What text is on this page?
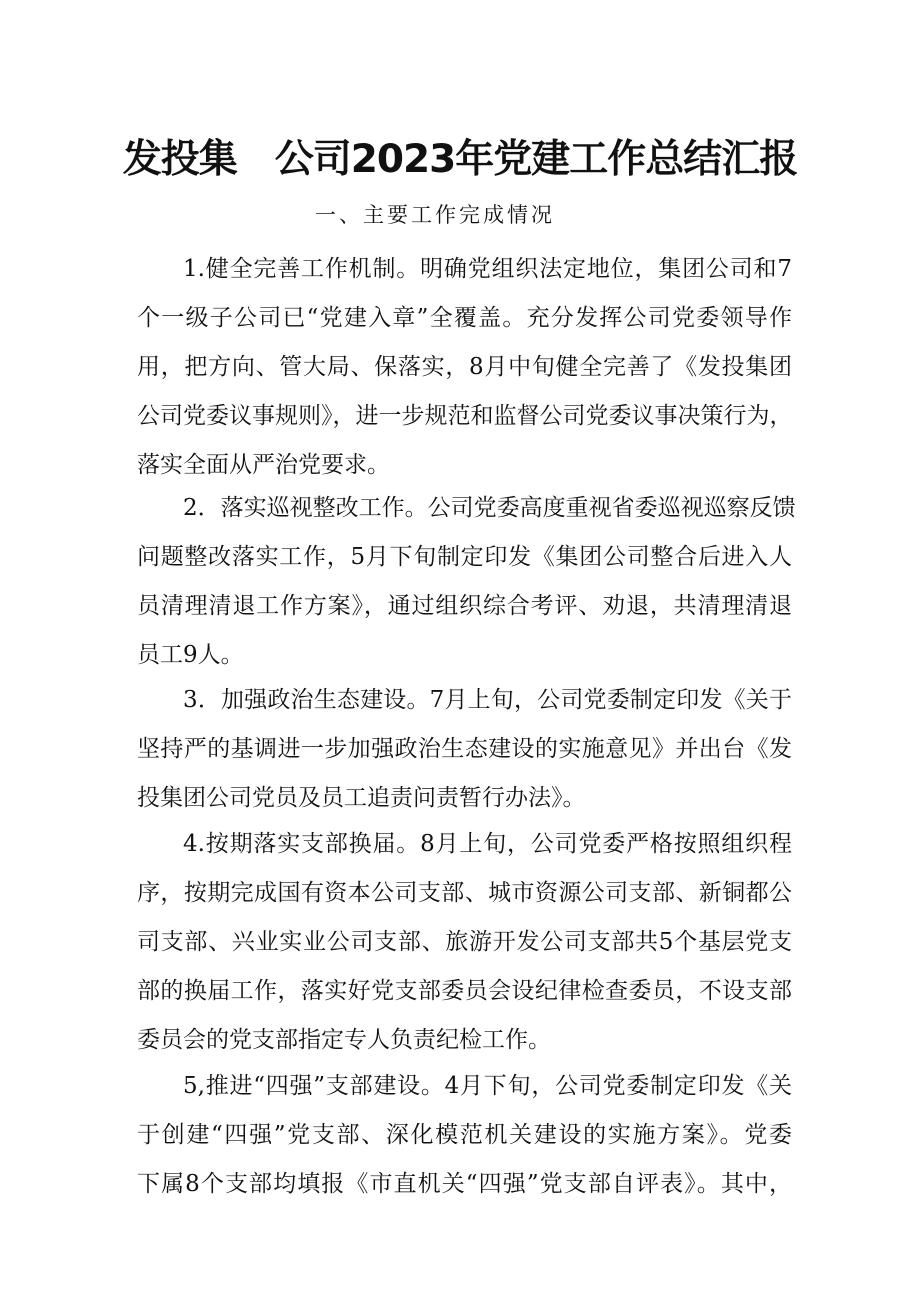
发投集　公司2023年党建工作总结汇报
一、主要工作完成情况
1.健全完善工作机制。明确党组织法定地位，集团公司和7
个一级子公司已“党建入章”全覆盖。充分发挥公司党委领导作
用，把方向、管大局、保落实，8月中旬健全完善了《发投集团
公司党委议事规则》，进一步规范和监督公司党委议事决策行为，
落实全面从严治党要求。
2．落实巡视整改工作。公司党委高度重视省委巡视巡察反馈
问题整改落实工作，5月下旬制定印发《集团公司整合后进入人
员清理清退工作方案》，通过组织综合考评、劝退，共清理清退
员工9人。
3．加强政治生态建设。7月上旬，公司党委制定印发《关于
坚持严的基调进一步加强政治生态建设的实施意见》并出台《发
投集团公司党员及员工追责问责暂行办法》。
4.按期落实支部换届。8月上旬，公司党委严格按照组织程
序，按期完成国有资本公司支部、城市资源公司支部、新铜都公
司支部、兴业实业公司支部、旅游开发公司支部共5个基层党支
部的换届工作，落实好党支部委员会设纪律检查委员，不设支部
委员会的党支部指定专人负责纪检工作。
5,推进“四强”支部建设。4月下旬，公司党委制定印发《关
于创建“四强”党支部、深化模范机关建设的实施方案》。党委
下属8个支部均填报《市直机关“四强”党支部自评表》。其中，
